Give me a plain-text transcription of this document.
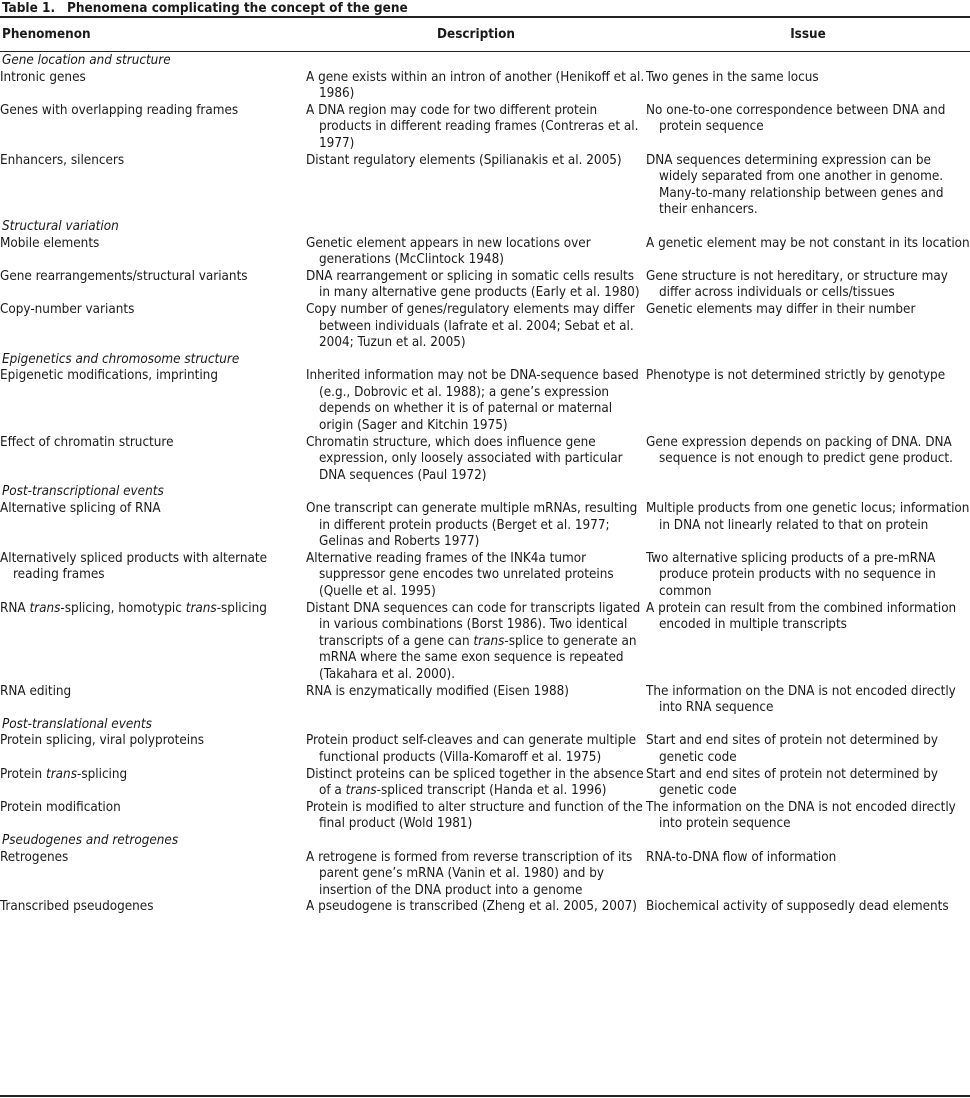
Table 1. Phenomena complicating the concept of the gene
Phenomenon	Description	Issue
Gene location and structure		

Intronic genes	A gene exists within an intron of another (Henikoff et al. 1986)	Two genes in the same locus

Genes with overlapping reading frames	A DNA region may code for two different protein products in different reading frames (Contreras et al. 1977)	No one-to-one correspondence between DNA and protein sequence

Enhancers, silencers	Distant regulatory elements (Spilianakis et al. 2005)	DNA sequences determining expression can be widely separated from one another in genome. Many-to-many relationship between genes and their enhancers.

Structural variation		

Mobile elements	Genetic element appears in new locations over generations (McClintock 1948)	A genetic element may be not constant in its location

Gene rearrangements/structural variants	DNA rearrangement or splicing in somatic cells results in many alternative gene products (Early et al. 1980)	Gene structure is not hereditary, or structure may differ across individuals or cells/tissues

Copy-number variants	Copy number of genes/regulatory elements may differ between individuals (Iafrate et al. 2004; Sebat et al. 2004; Tuzun et al. 2005)	Genetic elements may differ in their number

Epigenetics and chromosome structure		

Epigenetic modifications, imprinting	Inherited information may not be DNA-sequence based (e.g., Dobrovic et al. 1988); a gene’s expression depends on whether it is of paternal or maternal origin (Sager and Kitchin 1975)	Phenotype is not determined strictly by genotype

Effect of chromatin structure	Chromatin structure, which does influence gene expression, only loosely associated with particular DNA sequences (Paul 1972)	Gene expression depends on packing of DNA. DNA sequence is not enough to predict gene product.

Post-transcriptional events		

Alternative splicing of RNA	One transcript can generate multiple mRNAs, resulting in different protein products (Berget et al. 1977; Gelinas and Roberts 1977)	Multiple products from one genetic locus; information in DNA not linearly related to that on protein

Alternatively spliced products with alternate reading frames	Alternative reading frames of the INK4a tumor suppressor gene encodes two unrelated proteins (Quelle et al. 1995)	Two alternative splicing products of a pre-mRNA produce protein products with no sequence in common

RNA trans-splicing, homotypic trans-splicing	Distant DNA sequences can code for transcripts ligated in various combinations (Borst 1986). Two identical transcripts of a gene can trans-splice to generate an mRNA where the same exon sequence is repeated (Takahara et al. 2000).	A protein can result from the combined information encoded in multiple transcripts

RNA editing	RNA is enzymatically modified (Eisen 1988)	The information on the DNA is not encoded directly into RNA sequence

Post-translational events		

Protein splicing, viral polyproteins	Protein product self-cleaves and can generate multiple functional products (Villa-Komaroff et al. 1975)	Start and end sites of protein not determined by genetic code

Protein trans-splicing	Distinct proteins can be spliced together in the absence of a trans-spliced transcript (Handa et al. 1996)	Start and end sites of protein not determined by genetic code

Protein modification	Protein is modified to alter structure and function of the final product (Wold 1981)	The information on the DNA is not encoded directly into protein sequence

Pseudogenes and retrogenes		

Retrogenes	A retrogene is formed from reverse transcription of its parent gene’s mRNA (Vanin et al. 1980) and by insertion of the DNA product into a genome	RNA-to-DNA flow of information

Transcribed pseudogenes	A pseudogene is transcribed (Zheng et al. 2005, 2007)	Biochemical activity of supposedly dead elements
